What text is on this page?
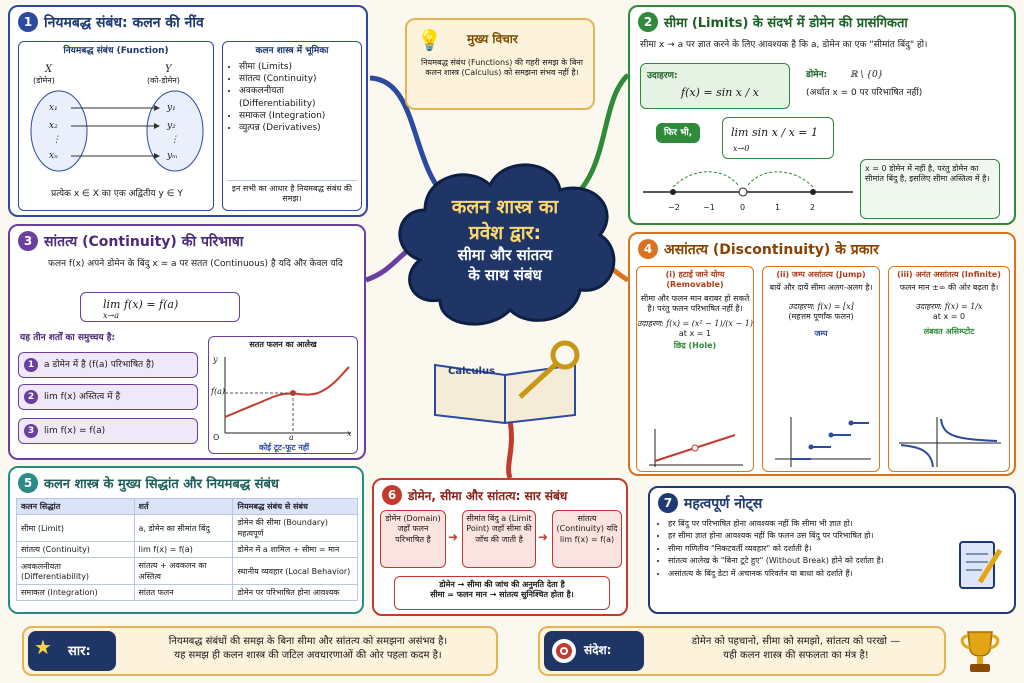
1 नियमबद्ध संबंध: कलन की नींव
नियमबद्ध संबंध (Function)
X
(डोमेन)
Y
(को-डोमेन)
x₁
x₂
⋮
xₙ
y₁
y₂
⋮
yₘ
प्रत्येक x ∈ X का एक अद्वितीय y ∈ Y
कलन शास्त्र में भूमिका
• सीमा (Limits)
• सांतत्य (Continuity)
• अवकलनीयता (Differentiability)
• समाकल (Integration)
• व्युत्पन्न (Derivatives)
इन सभी का आधार है नियमबद्ध संबंध की समझ।
💡 मुख्य विचार
नियमबद्ध संबंध (Functions) की गहरी समझ के बिना कलन शास्त्र (Calculus) को समझना संभव नहीं है।
कलन शास्त्र का
प्रवेश द्वार:
सीमा और सांतत्य
के साथ संबंध
Calculus
2 सीमा (Limits) के संदर्भ में डोमेन की प्रासंगिकता
सीमा x → a पर ज्ञात करने के लिए आवश्यक है कि a, डोमेन का एक "सीमांत बिंदु" हो।
उदाहरण:
f(x) = sin x / x
डोमेन:	ℝ \ {0}
(अर्थात x = 0 पर परिभाषित नहीं)
फिर भी,	lim sin x / x = 1
x→0
−2	−1	0	1	2
x = 0 डोमेन में नहीं है, परंतु डोमेन का सीमांत बिंदु है, इसलिए सीमा अस्तित्व में है।
3 सांतत्य (Continuity) की परिभाषा
फलन f(x) अपने डोमेन के बिंदु x = a पर सतत (Continuous) है यदि और केवल यदि
lim f(x) = f(a)
x→a
यह तीन शर्तों का समुच्चय है:
1 a डोमेन में है (f(a) परिभाषित है)
2 lim f(x) अस्तित्व में है
3 lim f(x) = f(a)
सतत फलन का आलेख
y
f(a)
a	x
O
कोई टूट-फूट नहीं
4 असांतत्य (Discontinuity) के प्रकार
(i) हटाई जाने योग्य (Removable)
सीमा और फलन मान बराबर हो सकते है। परंतु फलन परिभाषित नहीं है।
उदाहरण: f(x) = (x² − 1)/(x − 1)
at x = 1
छिद्र (Hole)
(ii) जम्प असांतत्य (Jump)
बायें और दायें सीमा अलग-अलग है।
उदाहरण: f(x) = [x]
(महत्तम पूर्णांक फलन)
जम्प
(iii) अनंत असांतत्य (Infinite)
फलन मान ±∞ की ओर बढ़ता है।
उदाहरण: f(x) = 1/x
at x = 0
लंबवत असिम्प्टोट
5 कलन शास्त्र के मुख्य सिद्धांत और नियमबद्ध संबंध
कलन सिद्धांत	शर्त	नियमबद्ध संबंध से संबंध
सीमा (Limit)	a, डोमेन का सीमांत बिंदु	डोमेन की सीमा (Boundary) महत्वपूर्ण
सांतत्य (Continuity)	lim f(x) = f(a)	डोमेन में a शामिल + सीमा = मान
अवकलनीयता (Differentiability)	सांतत्य + अवकलन का अस्तित्व	स्थानीय व्यवहार (Local Behavior)
समाकल (Integration)	सांतत फलन	डोमेन पर परिभाषित होना आवश्यक
6 डोमेन, सीमा और सांतत्य: सार संबंध
डोमेन (Domain) जहाँ फलन परिभाषित है	➜
सीमांत बिंदु a (Limit Point) जहाँ सीमा की जाँच की जाती है	➜
सांतत्य (Continuity) यदि lim f(x) = f(a)
डोमेन → सीमा की जांच की अनुमति देता है
सीमा = फलन मान → सांतत्य सुनिश्चित होता है।
7 महत्वपूर्ण नोट्स
• हर बिंदु पर परिभाषित होना आवश्यक नहीं कि सीमा भी ज्ञात हो।
• हर सीमा ज्ञात होना आवश्यक नहीं कि फलन उस बिंदु पर परिभाषित हो।
• सीमा गणितीय "निकटवर्ती व्यवहार" को दर्शाती है।
• सांतत्य आलेख के "बिना टूटे हुए" (Without Break) होने को दर्शाता है।
• असांतत्य के बिंदु डेटा में अचानक परिवर्तन या बाधा को दर्शाते हैं।
★ सार:
नियमबद्ध संबंधों की समझ के बिना सीमा और सांतत्य को समझना असंभव है।
यह समझ ही कलन शास्त्र की जटिल अवधारणाओं की ओर पहला कदम है।	संदेश:
डोमेन को पहचानो, सीमा को समझो, सांतत्य को परखो —
यही कलन शास्त्र की सफलता का मंत्र है!
